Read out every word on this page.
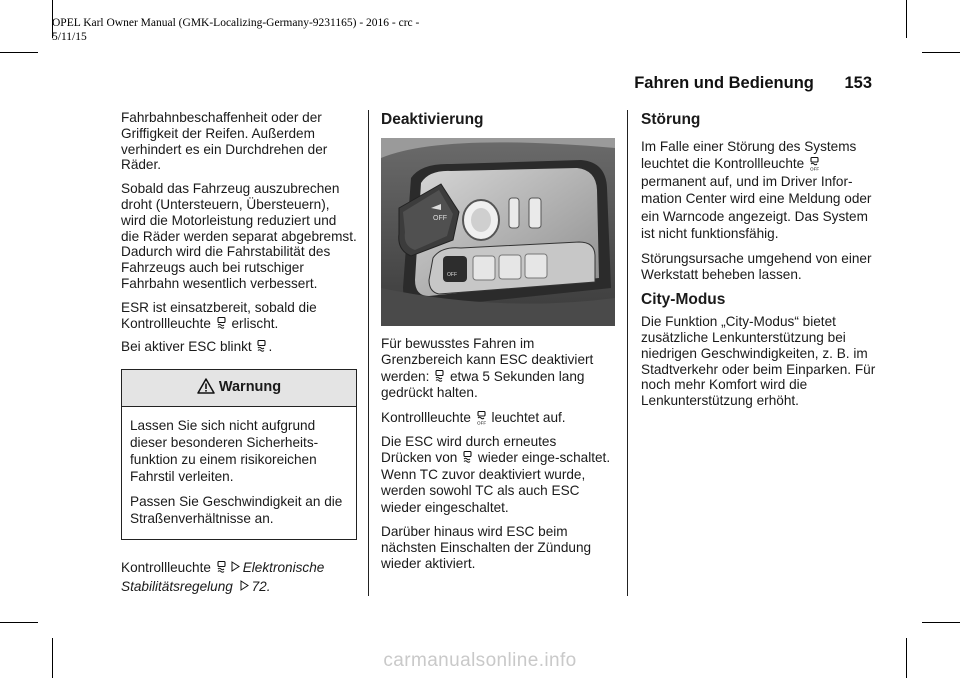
OPEL Karl Owner Manual (GMK-Localizing-Germany-9231165) - 2016 - crc -
5/11/15
Fahren und Bedienung 153

Fahrbahnbeschaffenheit oder der Griffigkeit der Reifen. Außerdem verhindert es ein Durchdrehen der Räder.

Sobald das Fahrzeug auszubrechen droht (Untersteuern, Übersteuern), wird die Motorleistung reduziert und die Räder werden separat abgebremst. Dadurch wird die Fahrstabilität des Fahrzeugs auch bei rutschiger Fahrbahn wesentlich verbessert.

ESR ist einsatzbereit, sobald die Kontrollleuchte erlischt.

Bei aktiver ESC blinkt .

Warnung

Lassen Sie sich nicht aufgrund dieser besonderen Sicherheits-funktion zu einem risikoreichen Fahrstil verleiten.

Passen Sie Geschwindigkeit an die Straßenverhältnisse an.

Kontrollleuchte Elektronische Stabilitätsregelung 72.

Deaktivierung
OFF
OFF

Für bewusstes Fahren im Grenzbereich kann ESC deaktiviert
werden: etwa 5 Sekunden lang gedrückt halten.

Kontrollleuchte OFF leuchtet auf.

Die ESC wird durch erneutes
Drücken von wieder einge-schaltet. Wenn TC zuvor deaktiviert wurde, werden sowohl TC als auch ESC wieder eingeschaltet.

Darüber hinaus wird ESC beim nächsten Einschalten der Zündung wieder aktiviert.

Störung

Im Falle einer Störung des Systems leuchtet die Kontrollleuchte OFF
permanent auf, und im Driver Infor-mation Center wird eine Meldung oder ein Warncode angezeigt. Das System ist nicht funktionsfähig.

Störungsursache umgehend von einer Werkstatt beheben lassen.

City-Modus

Die Funktion „City-Modus“ bietet zusätzliche Lenkunterstützung bei niedrigen Geschwindigkeiten, z. B. im Stadtverkehr oder beim Einparken. Für noch mehr Komfort wird die Lenkunterstützung erhöht.

carmanualsonline.info
